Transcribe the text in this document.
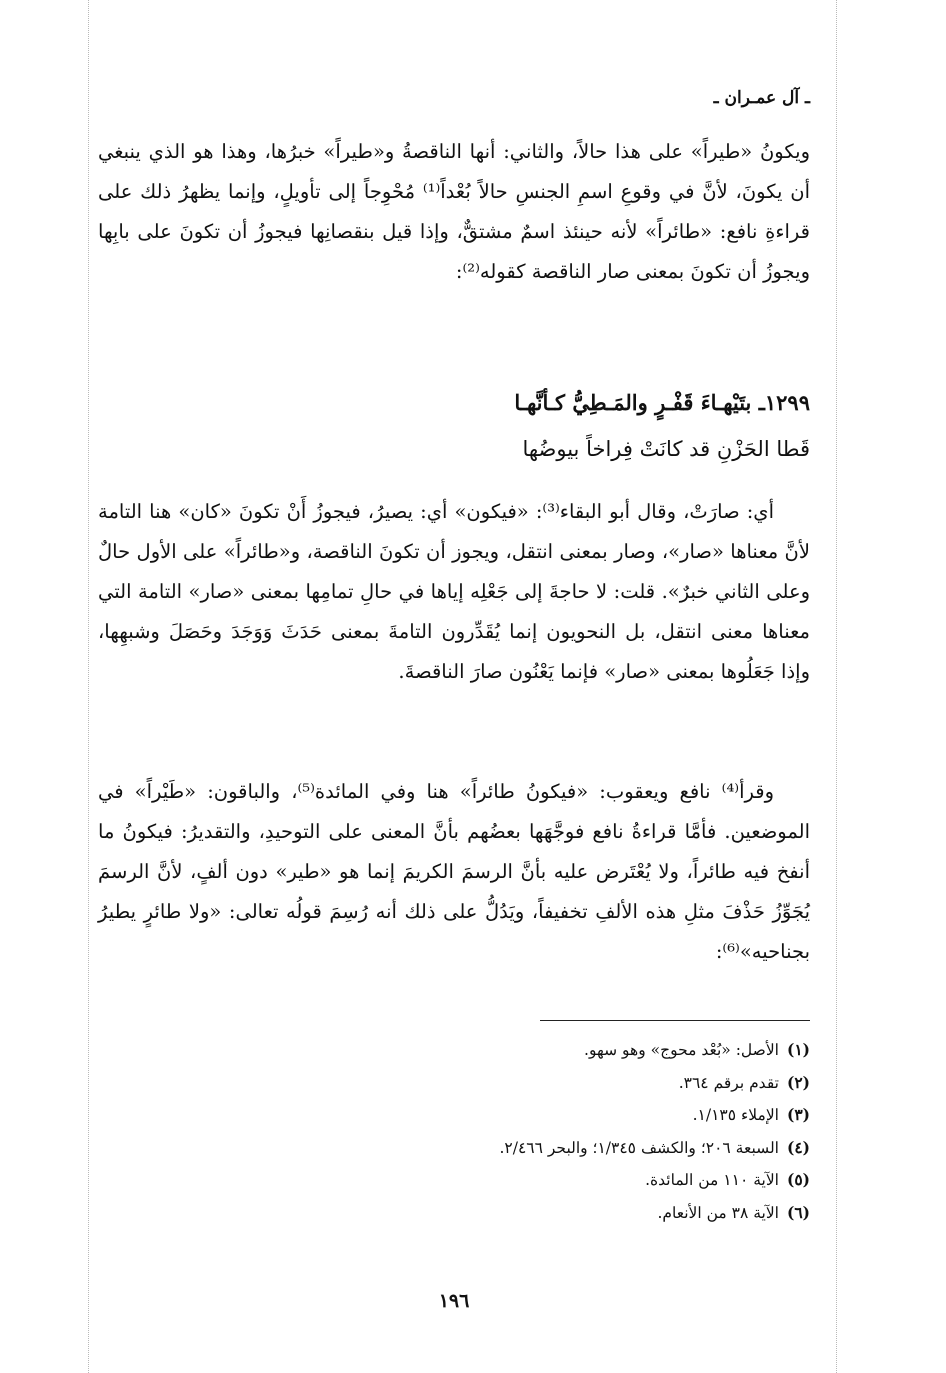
ـ آل عمـران ـ

ويكونُ «طيراً» على هذا حالاً، والثاني: أنها الناقصةُ و«طيراً» خبرُها، وهذا هو الذي ينبغي أن يكونَ، لأنَّ في وقوعِ اسمِ الجنسِ حالاً بُعْداً⁽¹⁾ مُحْوِجاً إلى تأويلٍ، وإنما يظهرُ ذلك على قراءةِ نافع: «طائراً» لأنه حينئذ اسمٌ مشتقٌّ، وإذا قيل بنقصانِها فيجوزُ أن تكونَ على بابِها ويجوزُ أن تكونَ بمعنى صار الناقصة كقوله⁽²⁾:

١٢٩٩ـ بتَيْهـاءَ قَفْـرٍ والمَـطِيُّ كـأنَّهـا
قَطا الحَزْنِ قد كانَتْ فِراخاً بيوضُها

أي: صارَتْ، وقال أبو البقاء⁽³⁾: «فيكون» أي: يصيرُ، فيجوزُ أَنْ تكونَ «كان» هنا التامة لأنَّ معناها «صار»، وصار بمعنى انتقل، ويجوز أن تكونَ الناقصة، و«طائراً» على الأول حالٌ وعلى الثاني خبرٌ». قلت: لا حاجةَ إلى جَعْلِه إياها في حالِ تمامِها بمعنى «صار» التامة التي معناها معنى انتقل، بل النحويون إنما يُقَدِّرون التامةَ بمعنى حَدَثَ وَوَجَدَ وحَصَلَ وشبهِها، وإذا جَعَلُوها بمعنى «صار» فإنما يَعْنُون صارَ الناقصةَ.

وقرأ⁽⁴⁾ نافع ويعقوب: «فيكونُ طائراً» هنا وفي المائدة⁽⁵⁾، والباقون: «طَيْراً» في الموضعين. فأمَّا قراءةُ نافع فوجَّهَها بعضُهم بأنَّ المعنى على التوحيدِ، والتقديرُ: فيكونُ ما أنفخ فيه طائراً، ولا يُعْتَرض عليه بأنَّ الرسمَ الكريمَ إنما هو «طير» دون ألفٍ، لأنَّ الرسمَ يُجَوِّزُ حَذْفَ مثلِ هذه الألفِ تخفيفاً، ويَدُلُّ على ذلك أنه رُسِمَ قولُه تعالى: «ولا طائرٍ يطيرُ بجناحيه»⁽⁶⁾:

(١)الأصل: «بُعْد محوج» وهو سهو.
(٢)تقدم برقم ٣٦٤.
(٣)الإملاء ١/١٣٥.
(٤)السبعة ٢٠٦؛ والكشف ١/٣٤٥؛ والبحر ٢/٤٦٦.
(٥)الآية ١١٠ من المائدة.
(٦)الآية ٣٨ من الأنعام.
١٩٦
